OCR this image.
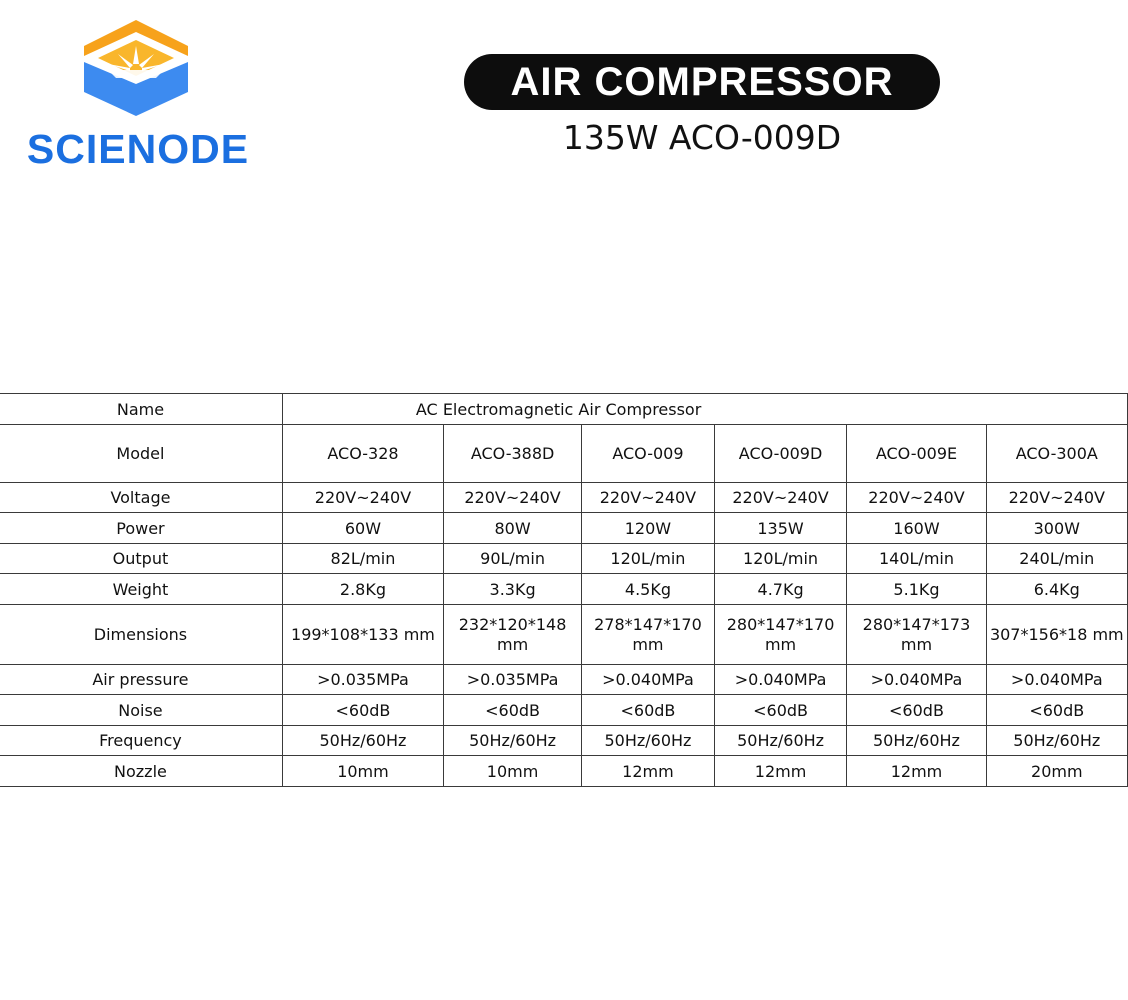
SCIENODE
AIR COMPRESSOR
135W ACO-009D
Name	AC Electromagnetic Air Compressor					
Model	ACO-328	ACO-388D	ACO-009	ACO-009D	ACO-009E	ACO-300A
Voltage	220V~240V	220V~240V	220V~240V	220V~240V	220V~240V	220V~240V
Power	60W	80W	120W	135W	160W	300W
Output	82L/min	90L/min	120L/min	120L/min	140L/min	240L/min
Weight	2.8Kg	3.3Kg	4.5Kg	4.7Kg	5.1Kg	6.4Kg
Dimensions	199*108*133 mm	232*120*148 mm	278*147*170 mm	280*147*170 mm	280*147*173 mm	307*156*18 mm
Air pressure	>0.035MPa	>0.035MPa	>0.040MPa	>0.040MPa	>0.040MPa	>0.040MPa
Noise	<60dB	<60dB	<60dB	<60dB	<60dB	<60dB
Frequency	50Hz/60Hz	50Hz/60Hz	50Hz/60Hz	50Hz/60Hz	50Hz/60Hz	50Hz/60Hz
Nozzle	10mm	10mm	12mm	12mm	12mm	20mm
